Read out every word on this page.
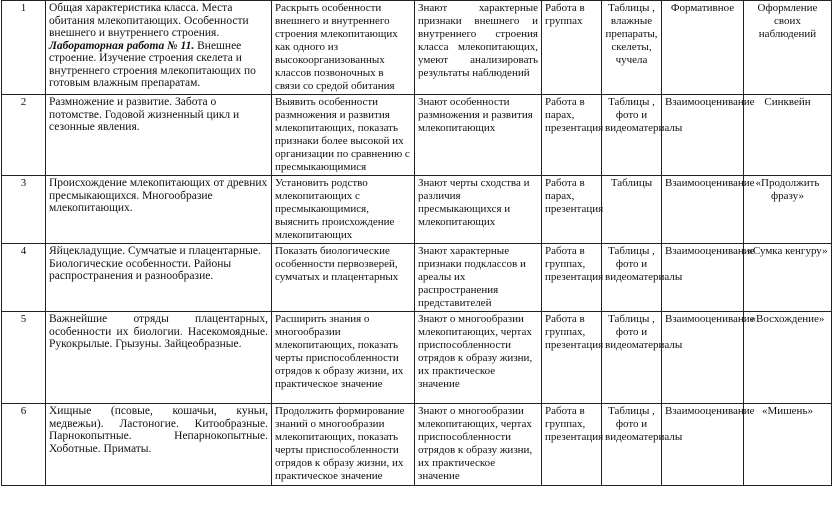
1	Общая характеристика класса. Места обитания млекопитающих. Особенности внешнего и внутреннего строения. Лабораторная работа № 11. Внешнее строение. Изучение строения скелета и внутреннего строения млекопитающих по готовым влажным препаратам.	Раскрыть особенности внешнего и внутреннего строения млекопитающих как одного из высокоорганизованных классов позвоночных в связи со средой обитания	Знают характерные признаки внешнего и внутреннего строения класса млекопитающих, умеют анализировать результаты наблюдений	Работа в группах	Таблицы , влажные препараты, скелеты, чучела	Формативное	Оформление своих наблюдений
2	Размножение и развитие. Забота о потомстве. Годовой жизненный цикл и сезонные явления.	Выявить особенности размножения и развития млекопитающих, показать признаки более высокой их организации по сравнению с пресмыкающимися	Знают особенности размножения и развития млекопитающих	Работа в парах, презентация	Таблицы , фото и видеоматериалы	Взаимооценивание	Синквейн
3	Происхождение млекопитающих от древних пресмыкающихся. Многообразие млекопитающих.	Установить родство млекопитающих с пресмыкающимися, выяснить происхождение млекопитающих	Знают черты сходства и различия пресмыкающихся и млекопитающих	Работа в парах, презентация	Таблицы	Взаимооценивание	«Продолжить фразу»
4	Яйцекладущие. Сумчатые и плацентарные. Биологические особенности. Районы распространения и разнообразие.	Показать биологические особенности первозверей, сумчатых и плацентарных	Знают характерные признаки подклассов и ареалы их распространения представителей	Работа в группах, презентация	Таблицы , фото и видеоматериалы	Взаимооценивание	«Сумка кенгуру»
5	Важнейшие отряды плацентарных, особенности их биологии. Насекомоядные. Рукокрылые. Грызуны. Зайцеобразные.	Расширить знания о многообразии млекопитающих, показать черты приспособленности отрядов к образу жизни, их практическое значение	Знают о многообразии млекопитающих, чертах приспособленности отрядов к образу жизни, их практическое значение	Работа в группах, презентация	Таблицы , фото и видеоматериалы	Взаимооценивание	«Восхождение»
6	Хищные (псовые, кошачьи, куньи, медвежьи). Ластоногие. Китообразные. Парнокопытные. Непарнокопытные. Хоботные. Приматы.	Продолжить формирование знаний о многообразии млекопитающих, показать черты приспособленности отрядов к образу жизни, их практическое значение	Знают о многообразии млекопитающих, чертах приспособленности отрядов к образу жизни, их практическое значение	Работа в группах, презентация	Таблицы , фото и видеоматериалы	Взаимооценивание	«Мишень»
